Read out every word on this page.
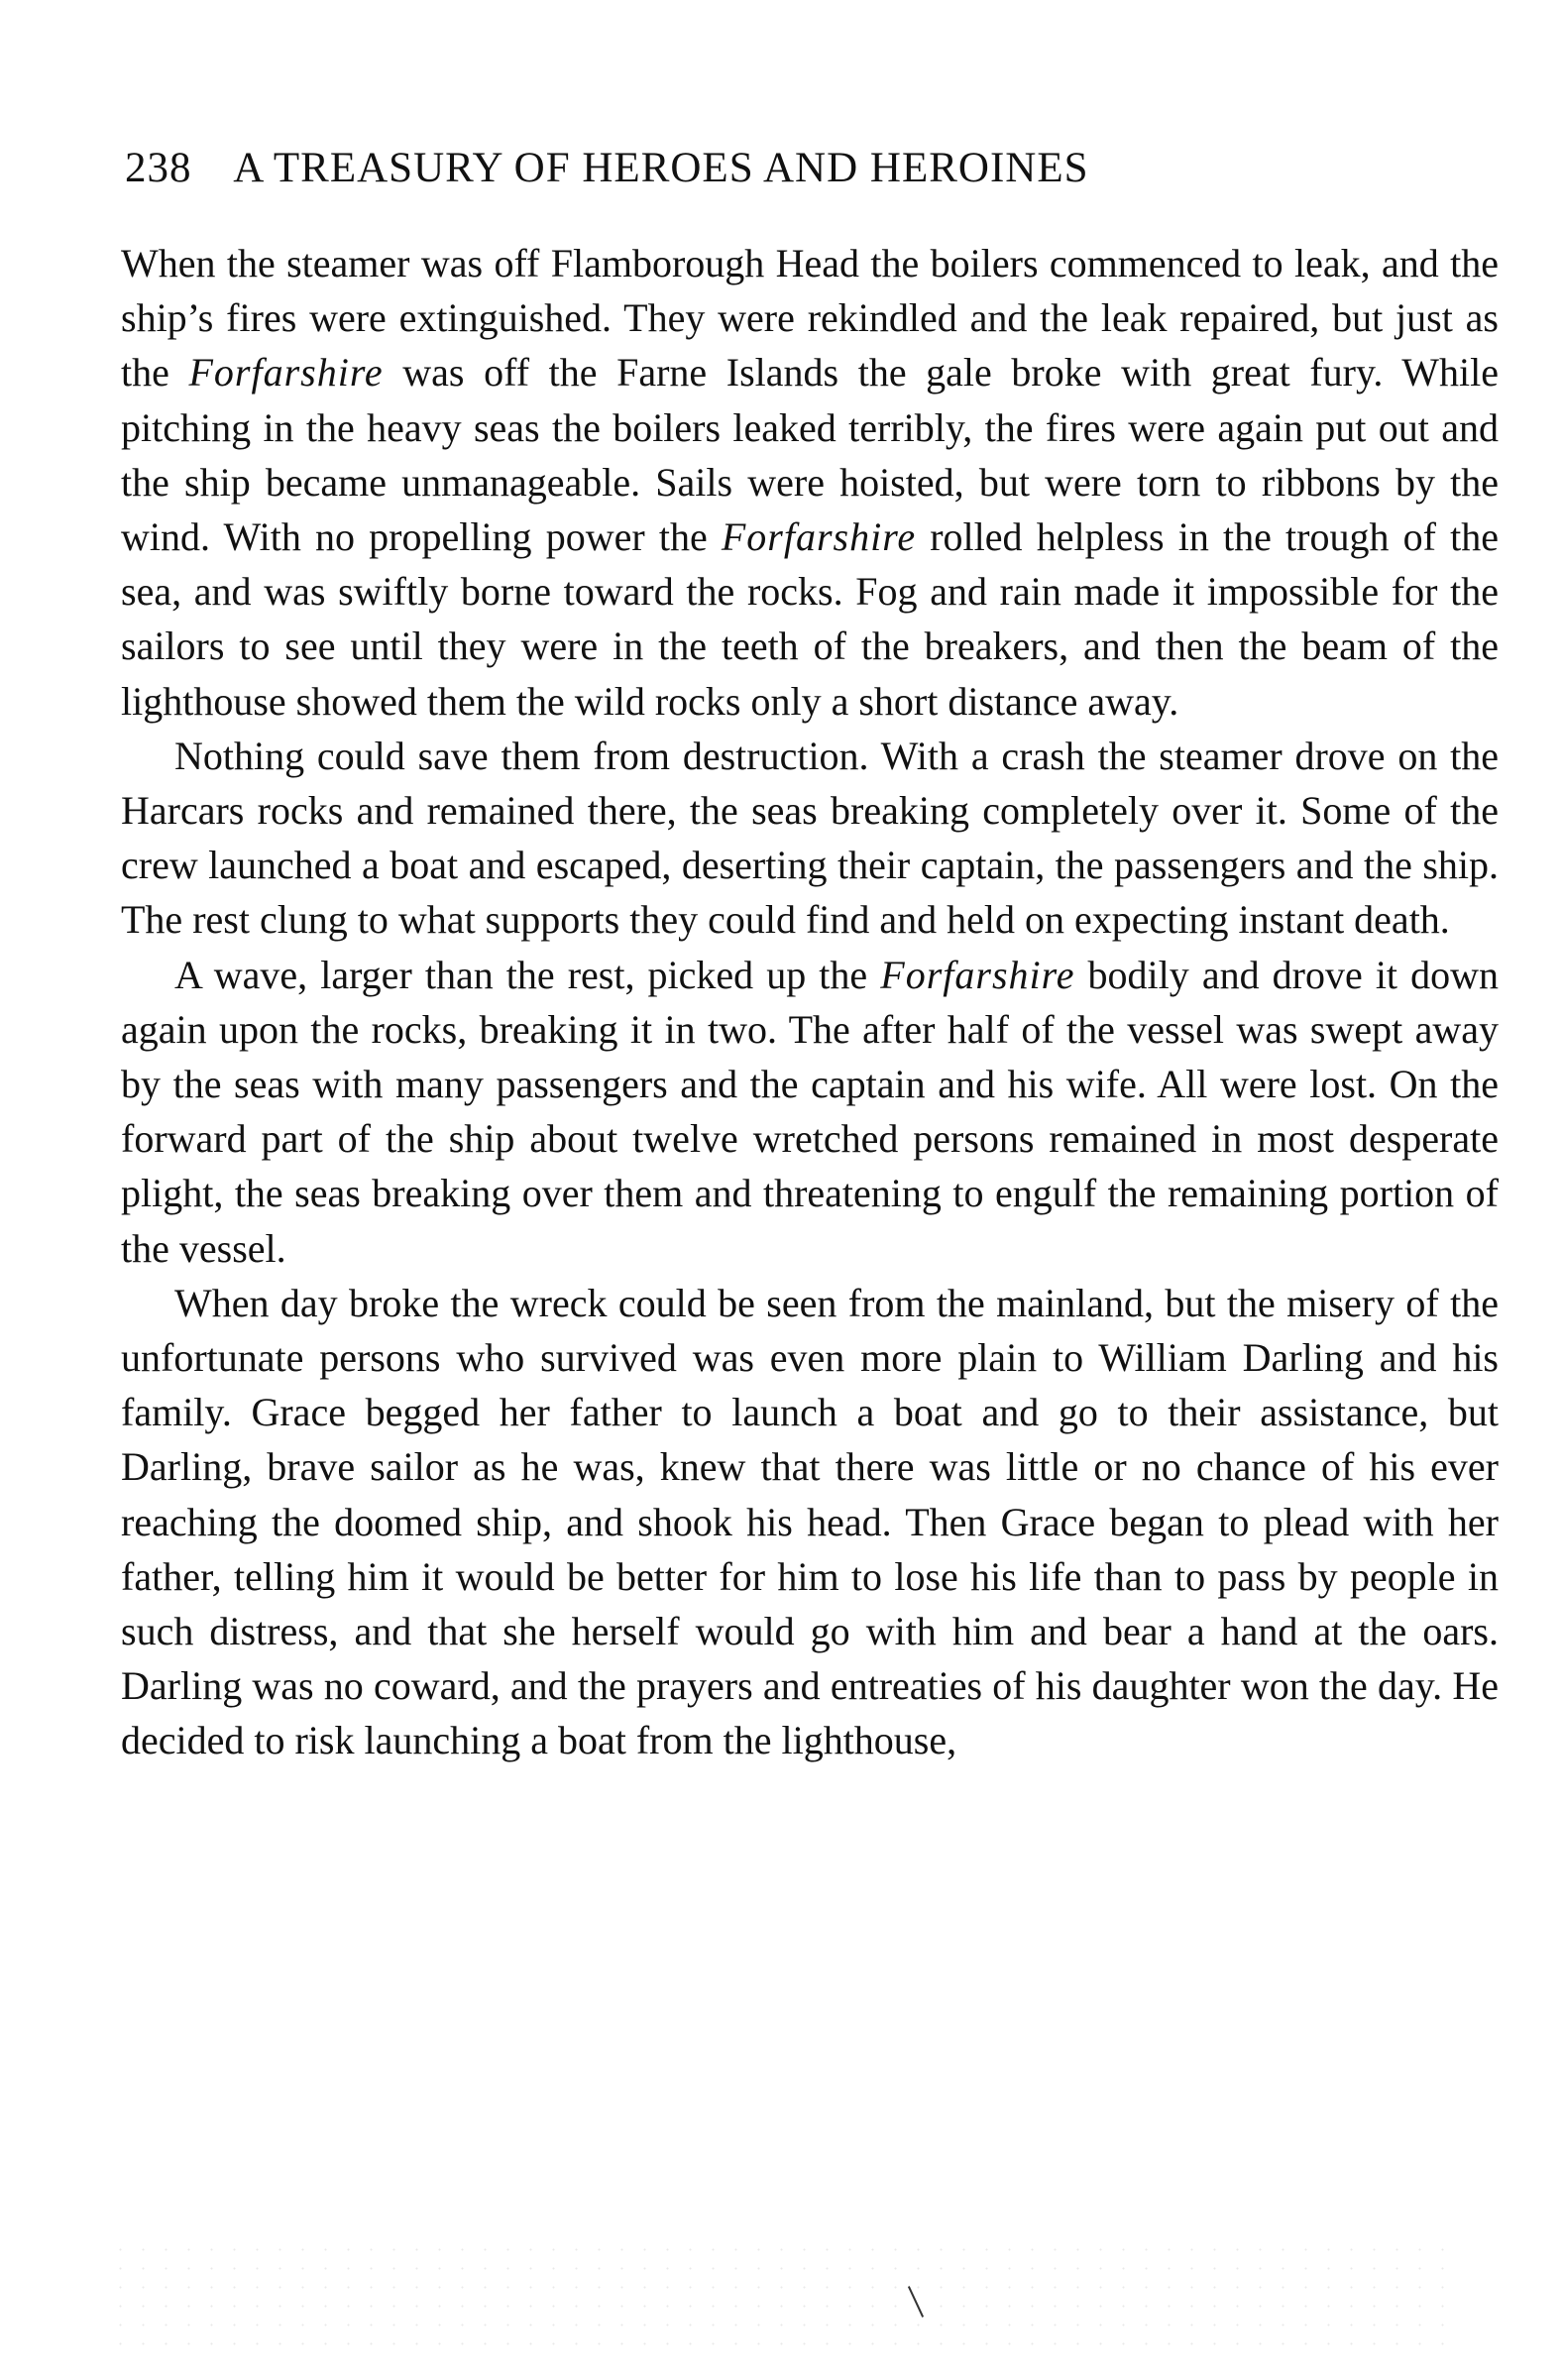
238 A TREASURY OF HEROES AND HEROINES

When the steamer was off Flamborough Head the boilers commenced to leak, and the ship’s fires were extinguished. They were rekindled and the leak repaired, but just as the Forfarshire was off the Farne Islands the gale broke with great fury. While pitching in the heavy seas the boilers leaked terribly, the fires were again put out and the ship became unmanageable. Sails were hoisted, but were torn to ribbons by the wind. With no propelling power the Forfarshire rolled helpless in the trough of the sea, and was swiftly borne toward the rocks. Fog and rain made it impossible for the sailors to see until they were in the teeth of the breakers, and then the beam of the lighthouse showed them the wild rocks only a short distance away.

Nothing could save them from destruction. With a crash the steamer drove on the Harcars rocks and remained there, the seas breaking completely over it. Some of the crew launched a boat and escaped, deserting their captain, the passengers and the ship. The rest clung to what supports they could find and held on expecting instant death.

A wave, larger than the rest, picked up the Forfarshire bodily and drove it down again upon the rocks, breaking it in two. The after half of the vessel was swept away by the seas with many passengers and the captain and his wife. All were lost. On the forward part of the ship about twelve wretched persons remained in most desperate plight, the seas breaking over them and threatening to engulf the remaining portion of the vessel.

When day broke the wreck could be seen from the mainland, but the misery of the unfortunate persons who survived was even more plain to William Darling and his family. Grace begged her father to launch a boat and go to their assistance, but Darling, brave sailor as he was, knew that there was little or no chance of his ever reaching the doomed ship, and shook his head. Then Grace began to plead with her father, telling him it would be better for him to lose his life than to pass by people in such distress, and that she herself would go with him and bear a hand at the oars. Darling was no coward, and the prayers and entreaties of his daughter won the day. He decided to risk launching a boat from the lighthouse,
